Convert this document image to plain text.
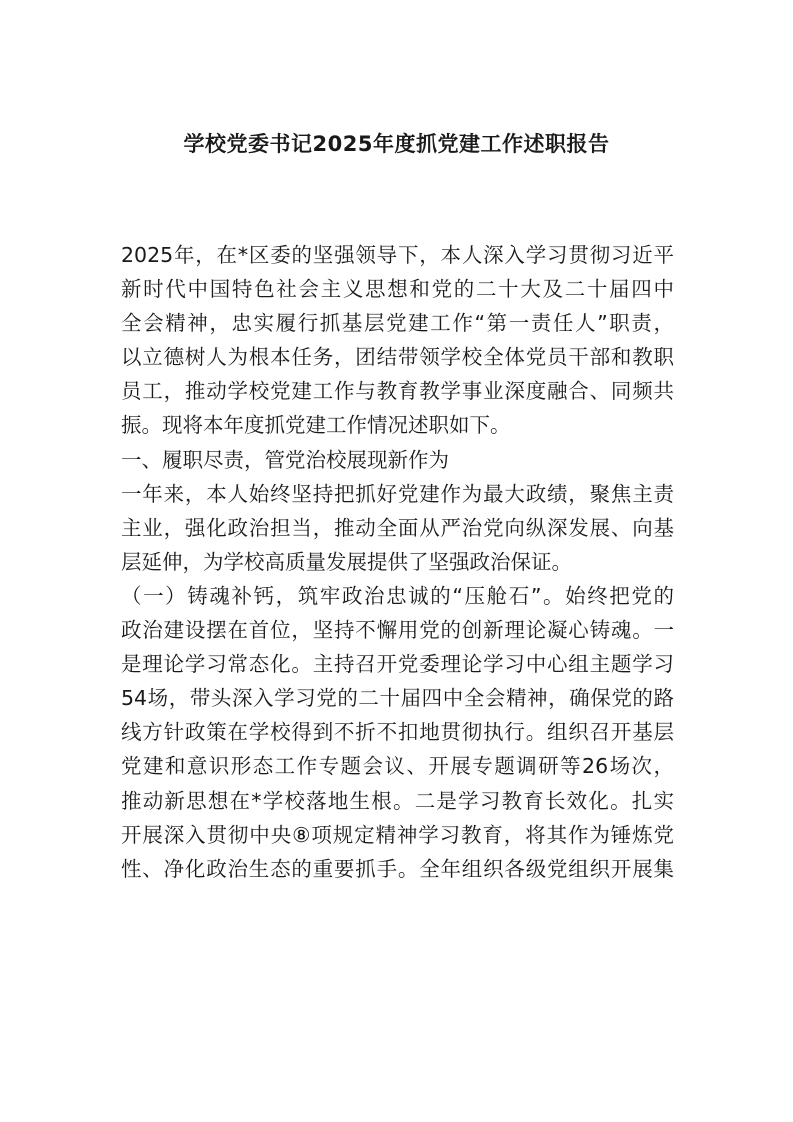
学校党委书记2025年度抓党建工作述职报告
2025年，在*区委的坚强领导下，本人深入学习贯彻习近平
新时代中国特色社会主义思想和党的二十大及二十届四中
全会精神，忠实履行抓基层党建工作“第一责任人”职责，
以立德树人为根本任务，团结带领学校全体党员干部和教职
员工，推动学校党建工作与教育教学事业深度融合、同频共
振。现将本年度抓党建工作情况述职如下。
一、履职尽责，管党治校展现新作为
一年来，本人始终坚持把抓好党建作为最大政绩，聚焦主责
主业，强化政治担当，推动全面从严治党向纵深发展、向基
层延伸，为学校高质量发展提供了坚强政治保证。
（一）铸魂补钙，筑牢政治忠诚的“压舱石”。始终把党的
政治建设摆在首位，坚持不懈用党的创新理论凝心铸魂。一
是理论学习常态化。主持召开党委理论学习中心组主题学习
54场，带头深入学习党的二十届四中全会精神，确保党的路
线方针政策在学校得到不折不扣地贯彻执行。组织召开基层
党建和意识形态工作专题会议、开展专题调研等26场次，
推动新思想在*学校落地生根。二是学习教育长效化。扎实
开展深入贯彻中央⑧项规定精神学习教育，将其作为锤炼党
性、净化政治生态的重要抓手。全年组织各级党组织开展集
